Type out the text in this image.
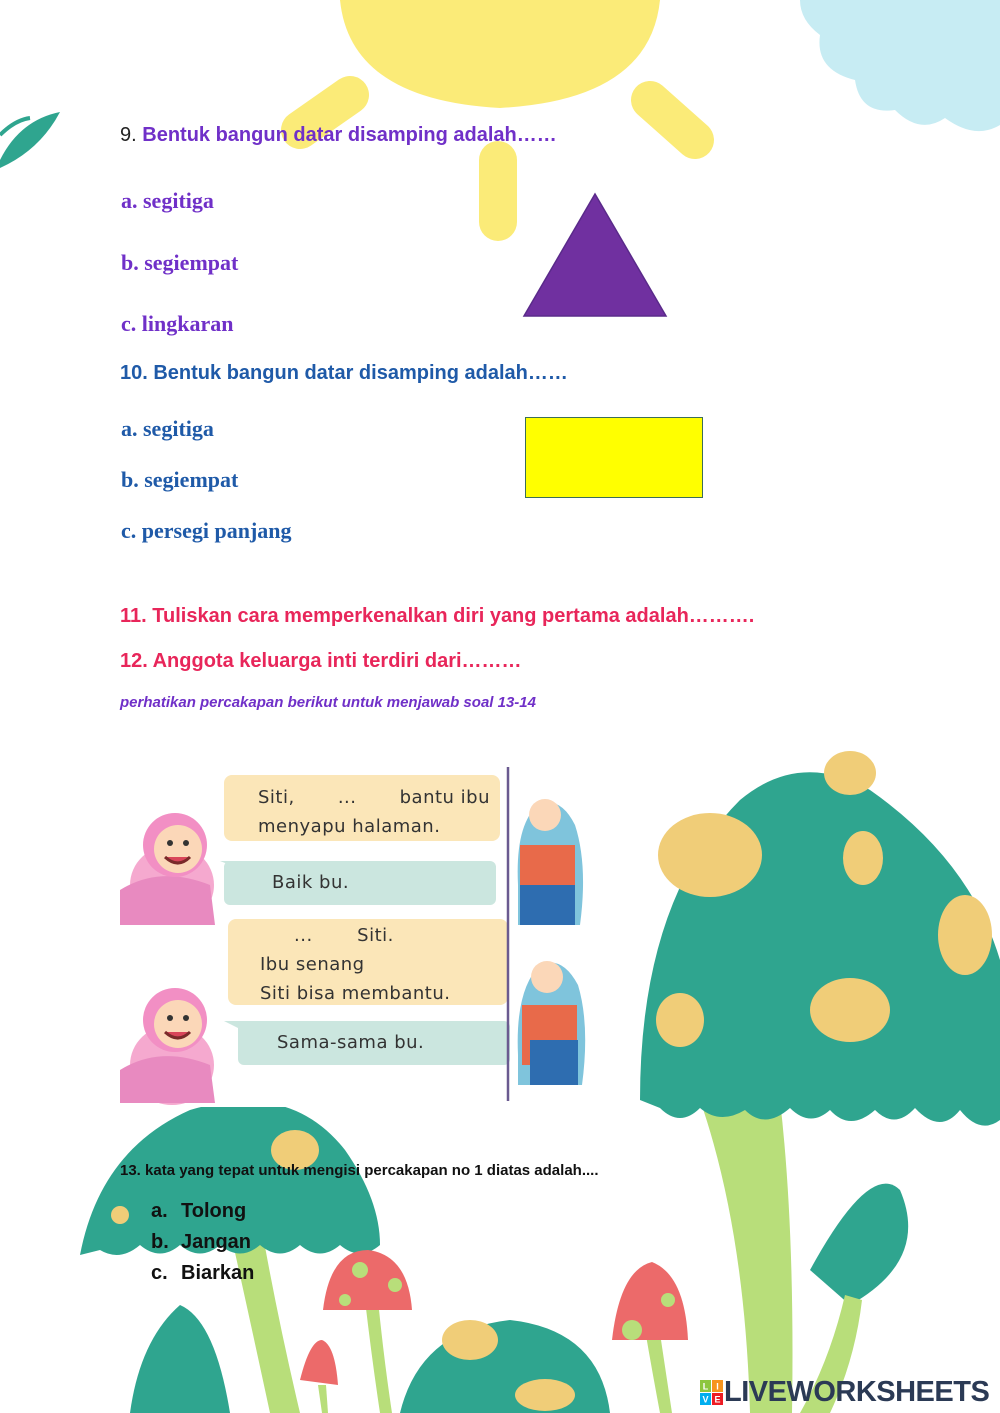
9. Bentuk bangun datar disamping adalah……
a. segitiga
b. segiempat
c. lingkaran
10. Bentuk bangun datar disamping adalah……
a. segitiga
b. segiempat
c. persegi panjang
11. Tuliskan cara memperkenalkan diri yang pertama adalah……….
12. Anggota keluarga inti terdiri dari………
perhatikan percakapan berikut untuk menjawab soal 13-14
Siti, ... bantu ibu
menyapu halaman.
Baik bu.
... Siti.
Ibu senang
Siti bisa membantu.
Sama-sama bu.
13. kata yang tepat untuk mengisi percakapan no 1 diatas adalah....
a. Tolong
b. Jangan
c. Biarkan
L I
V E LIVEWORKSHEETS
